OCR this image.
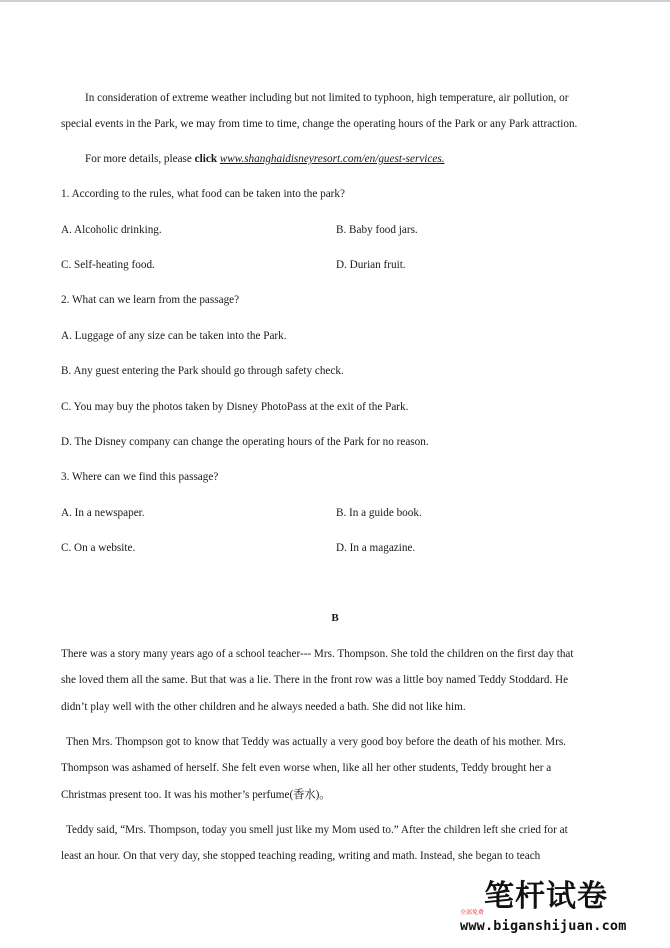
In consideration of extreme weather including but not limited to typhoon, high temperature, air pollution, or
special events in the Park, we may from time to time, change the operating hours of the Park or any Park attraction.
For more details, please click www.shanghaidisneyresort.com/en/guest-services.
1. According to the rules, what food can be taken into the park?
A. Alcoholic drinking.	B. Baby food jars.
C. Self-heating food.	D. Durian fruit.
2. What can we learn from the passage?
A. Luggage of any size can be taken into the Park.
B. Any guest entering the Park should go through safety check.
C. You may buy the photos taken by Disney PhotoPass at the exit of the Park.
D. The Disney company can change the operating hours of the Park for no reason.
3. Where can we find this passage?
A. In a newspaper.	B. In a guide book.
C. On a website.	D. In a magazine.
B
There was a story many years ago of a school teacher--- Mrs. Thompson. She told the children on the first day that
she loved them all the same. But that was a lie. There in the front row was a little boy named Teddy Stoddard. He
didn’t play well with the other children and he always needed a bath. She did not like him.
Then Mrs. Thompson got to know that Teddy was actually a very good boy before the death of his mother. Mrs.
Thompson was ashamed of herself. She felt even worse when, like all her other students, Teddy brought her a
Christmas present too. It was his mother’s perfume(香水)。
Teddy said, “Mrs. Thompson, today you smell just like my Mom used to.” After the children left she cried for at
least an hour. On that very day, she stopped teaching reading, writing and math. Instead, she began to teach
笔杆试卷
全部免费
www.biganshijuan.com
